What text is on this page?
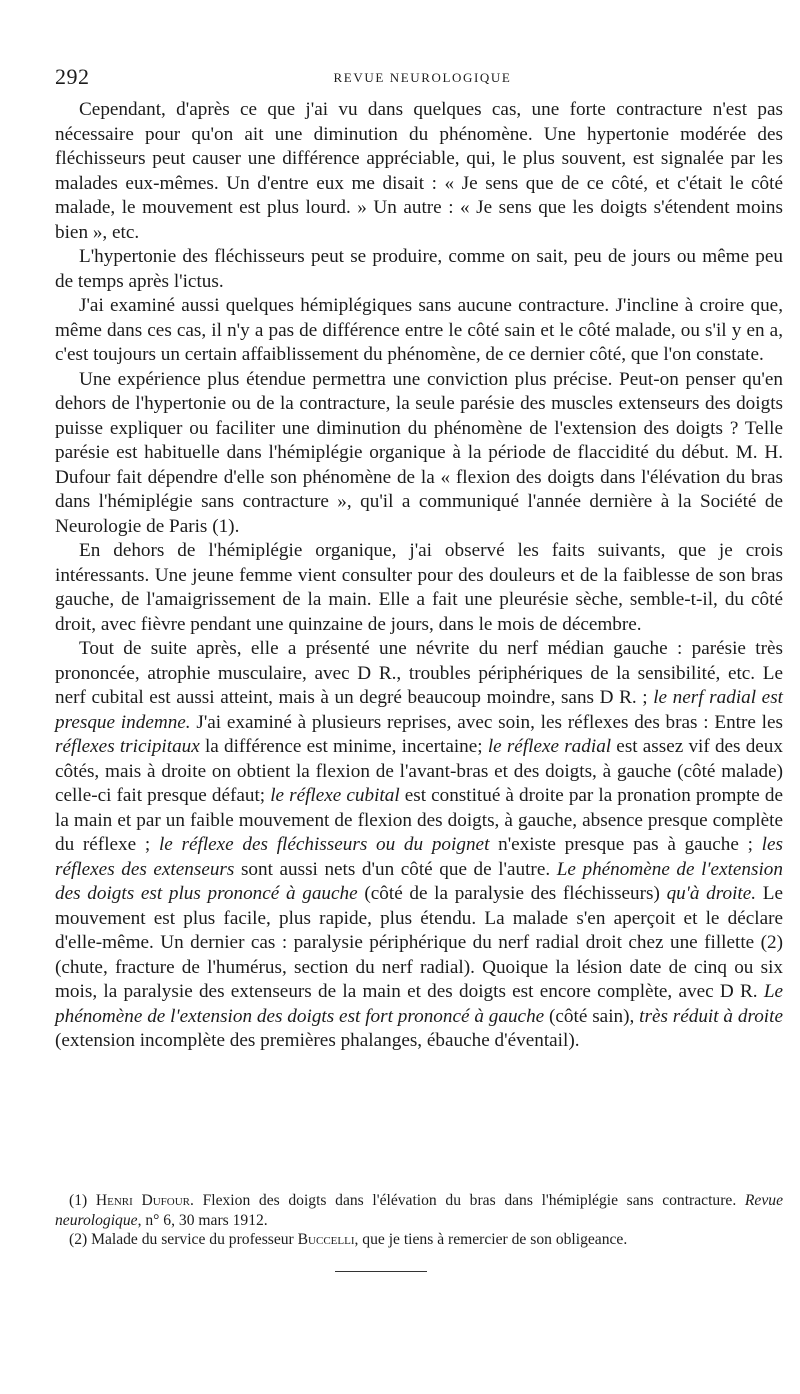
292	REVUE NEUROLOGIQUE

Cependant, d'après ce que j'ai vu dans quelques cas, une forte contracture n'est pas nécessaire pour qu'on ait une diminution du phénomène. Une hypertonie modérée des fléchisseurs peut causer une différence appréciable, qui, le plus souvent, est signalée par les malades eux-mêmes. Un d'entre eux me disait : « Je sens que de ce côté, et c'était le côté malade, le mouvement est plus lourd. » Un autre : « Je sens que les doigts s'étendent moins bien », etc.

L'hypertonie des fléchisseurs peut se produire, comme on sait, peu de jours ou même peu de temps après l'ictus.

J'ai examiné aussi quelques hémiplégiques sans aucune contracture. J'incline à croire que, même dans ces cas, il n'y a pas de différence entre le côté sain et le côté malade, ou s'il y en a, c'est toujours un certain affaiblissement du phénomène, de ce dernier côté, que l'on constate.

Une expérience plus étendue permettra une conviction plus précise. Peut-on penser qu'en dehors de l'hypertonie ou de la contracture, la seule parésie des muscles extenseurs des doigts puisse expliquer ou faciliter une diminution du phénomène de l'extension des doigts ? Telle parésie est habituelle dans l'hémiplégie organique à la période de flaccidité du début. M. H. Dufour fait dépendre d'elle son phénomène de la « flexion des doigts dans l'élévation du bras dans l'hémiplégie sans contracture », qu'il a communiqué l'année dernière à la Société de Neurologie de Paris (1).

En dehors de l'hémiplégie organique, j'ai observé les faits suivants, que je crois intéressants. Une jeune femme vient consulter pour des douleurs et de la faiblesse de son bras gauche, de l'amaigrissement de la main. Elle a fait une pleurésie sèche, semble-t-il, du côté droit, avec fièvre pendant une quinzaine de jours, dans le mois de décembre.

Tout de suite après, elle a présenté une névrite du nerf médian gauche : parésie très prononcée, atrophie musculaire, avec D R., troubles périphériques de la sensibilité, etc. Le nerf cubital est aussi atteint, mais à un degré beaucoup moindre, sans D R. ; le nerf radial est presque indemne. J'ai examiné à plusieurs reprises, avec soin, les réflexes des bras : Entre les réflexes tricipitaux la différence est minime, incertaine; le réflexe radial est assez vif des deux côtés, mais à droite on obtient la flexion de l'avant-bras et des doigts, à gauche (côté malade) celle-ci fait presque défaut; le réflexe cubital est constitué à droite par la pronation prompte de la main et par un faible mouvement de flexion des doigts, à gauche, absence presque complète du réflexe ; le réflexe des fléchisseurs ou du poignet n'existe presque pas à gauche ; les réflexes des extenseurs sont aussi nets d'un côté que de l'autre. Le phénomène de l'extension des doigts est plus prononcé à gauche (côté de la paralysie des fléchisseurs) qu'à droite. Le mouvement est plus facile, plus rapide, plus étendu. La malade s'en aperçoit et le déclare d'elle-même. Un dernier cas : paralysie périphérique du nerf radial droit chez une fillette (2) (chute, fracture de l'humérus, section du nerf radial). Quoique la lésion date de cinq ou six mois, la paralysie des extenseurs de la main et des doigts est encore complète, avec D R. Le phénomène de l'extension des doigts est fort prononcé à gauche (côté sain), très réduit à droite (extension incomplète des premières phalanges, ébauche d'éventail).

(1) Henri Dufour. Flexion des doigts dans l'élévation du bras dans l'hémiplégie sans contracture. Revue neurologique, n° 6, 30 mars 1912.

(2) Malade du service du professeur Buccelli, que je tiens à remercier de son obligeance.
